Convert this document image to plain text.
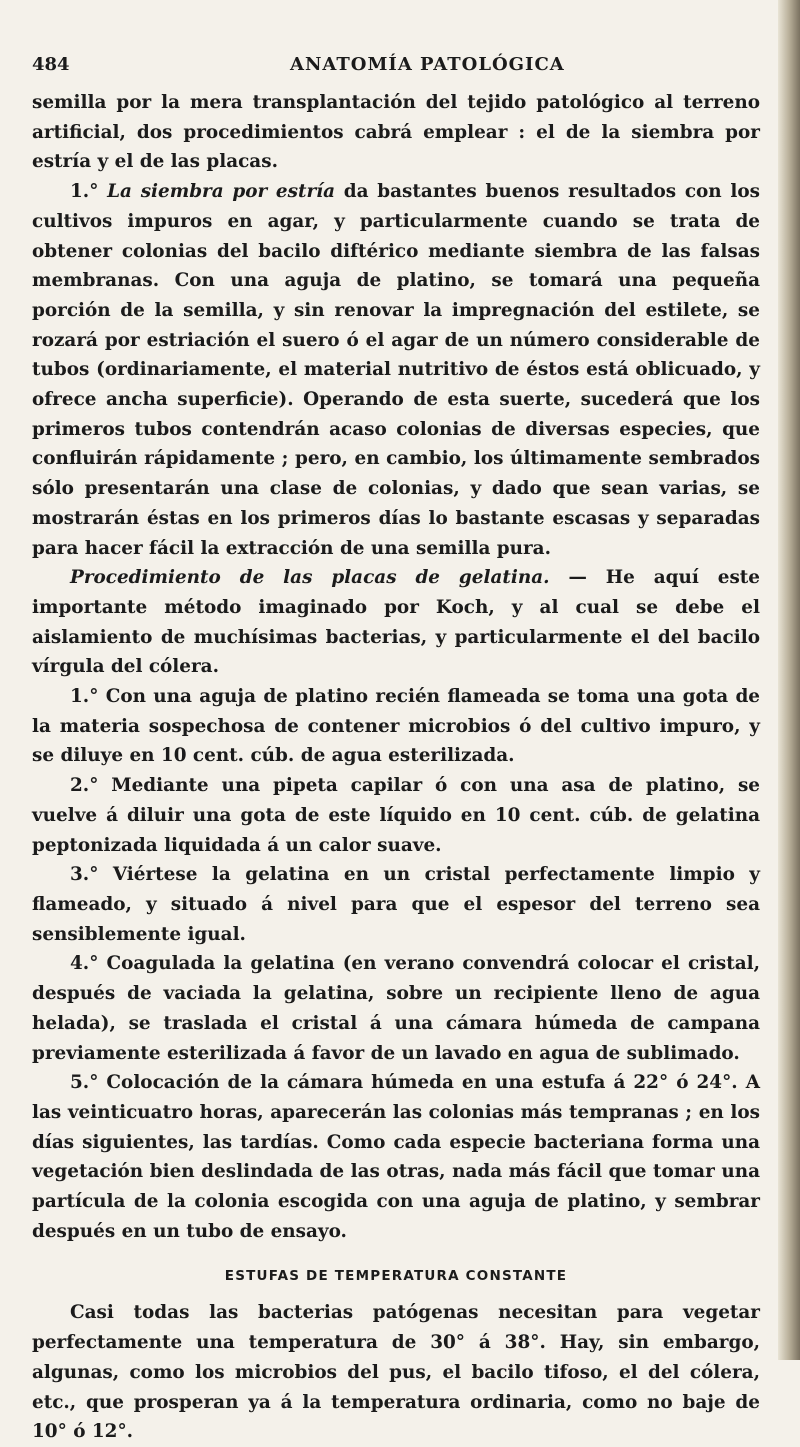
484	ANATOMÍA PATOLÓGICA

semilla por la mera transplantación del tejido patológico al terreno artificial, dos procedimientos cabrá emplear : el de la siembra por estría y el de las placas.

1.° La siembra por estría da bastantes buenos resultados con los cultivos impuros en agar, y particularmente cuando se trata de obtener colonias del bacilo diftérico mediante siembra de las falsas membranas. Con una aguja de platino, se tomará una pequeña porción de la semilla, y sin renovar la impregnación del estilete, se rozará por estriación el suero ó el agar de un número considerable de tubos (ordinariamente, el material nutritivo de éstos está oblicuado, y ofrece ancha superficie). Operando de esta suerte, sucederá que los primeros tubos contendrán acaso colonias de diversas especies, que confluirán rápidamente ; pero, en cambio, los últimamente sembrados sólo presentarán una clase de colonias, y dado que sean varias, se mostrarán éstas en los primeros días lo bastante escasas y separadas para hacer fácil la extracción de una semilla pura.

Procedimiento de las placas de gelatina. — He aquí este importante método imaginado por Koch, y al cual se debe el aislamiento de muchísimas bacterias, y particularmente el del bacilo vírgula del cólera.

1.° Con una aguja de platino recién flameada se toma una gota de la materia sospechosa de contener microbios ó del cultivo impuro, y se diluye en 10 cent. cúb. de agua esterilizada.

2.° Mediante una pipeta capilar ó con una asa de platino, se vuelve á diluir una gota de este líquido en 10 cent. cúb. de gelatina peptonizada liquidada á un calor suave.

3.° Viértese la gelatina en un cristal perfectamente limpio y flameado, y situado á nivel para que el espesor del terreno sea sensiblemente igual.

4.° Coagulada la gelatina (en verano convendrá colocar el cristal, después de vaciada la gelatina, sobre un recipiente lleno de agua helada), se traslada el cristal á una cámara húmeda de campana previamente esterilizada á favor de un lavado en agua de sublimado.

5.° Colocación de la cámara húmeda en una estufa á 22° ó 24°. A las veinticuatro horas, aparecerán las colonias más tempranas ; en los días siguientes, las tardías. Como cada especie bacteriana forma una vegetación bien deslindada de las otras, nada más fácil que tomar una partícula de la colonia escogida con una aguja de platino, y sembrar después en un tubo de ensayo.

ESTUFAS DE TEMPERATURA CONSTANTE

Casi todas las bacterias patógenas necesitan para vegetar perfectamente una temperatura de 30° á 38°. Hay, sin embargo, algunas, como los microbios del pus, el bacilo tifoso, el del cólera, etc., que prosperan ya á la temperatura ordinaria, como no baje de 10° ó 12°.
